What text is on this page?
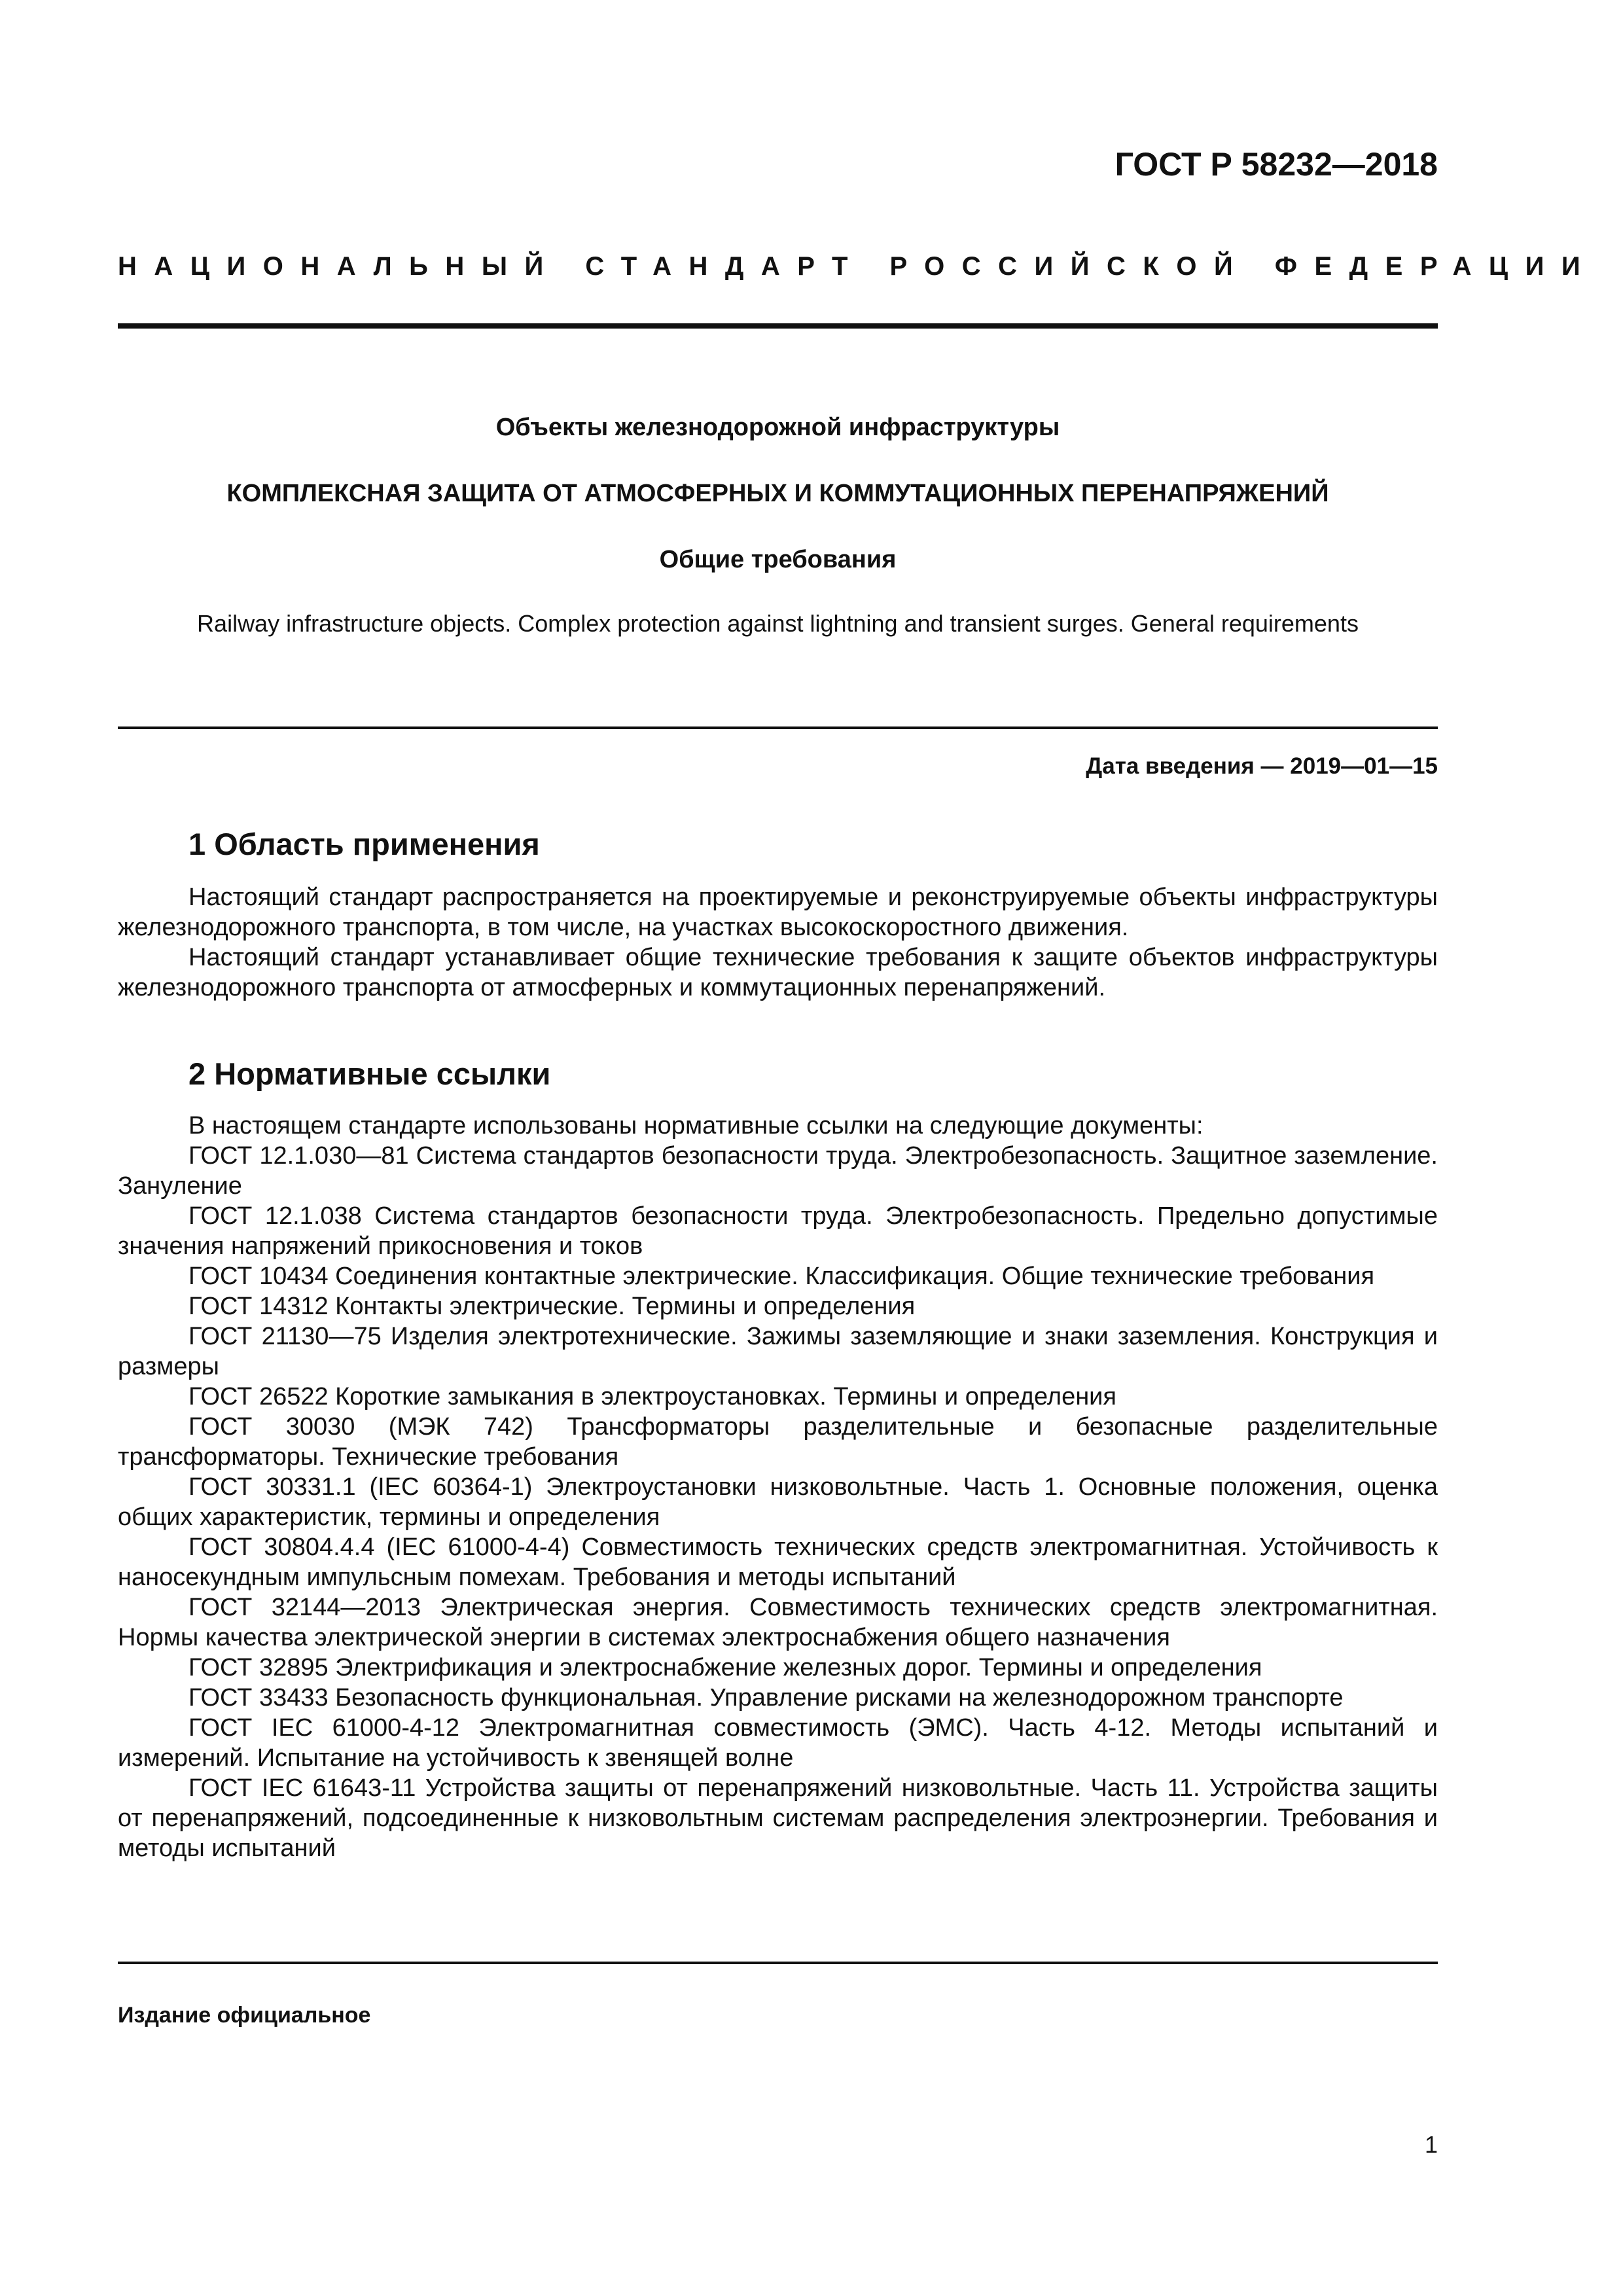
ГОСТ Р 58232—2018
НАЦИОНАЛЬНЫЙ СТАНДАРТ РОССИЙСКОЙ ФЕДЕРАЦИИ
Объекты железнодорожной инфраструктуры
КОМПЛЕКСНАЯ ЗАЩИТА ОТ АТМОСФЕРНЫХ И КОММУТАЦИОННЫХ ПЕРЕНАПРЯЖЕНИЙ
Общие требования
Railway infrastructure objects. Complex protection against lightning and transient surges. General requirements
Дата введения — 2019—01—15
1 Область применения

Настоящий стандарт распространяется на проектируемые и реконструируемые объекты инфраструктуры железнодорожного транспорта, в том числе, на участках высокоскоростного движения.

Настоящий стандарт устанавливает общие технические требования к защите объектов инфраструктуры железнодорожного транспорта от атмосферных и коммутационных перенапряжений.

2 Нормативные ссылки

В настоящем стандарте использованы нормативные ссылки на следующие документы:

ГОСТ 12.1.030—81 Система стандартов безопасности труда. Электробезопасность. Защитное заземление. Зануление

ГОСТ 12.1.038 Система стандартов безопасности труда. Электробезопасность. Предельно допустимые значения напряжений прикосновения и токов

ГОСТ 10434 Соединения контактные электрические. Классификация. Общие технические требования

ГОСТ 14312 Контакты электрические. Термины и определения

ГОСТ 21130—75 Изделия электротехнические. Зажимы заземляющие и знаки заземления. Конструкция и размеры

ГОСТ 26522 Короткие замыкания в электроустановках. Термины и определения

ГОСТ 30030 (МЭК 742) Трансформаторы разделительные и безопасные разделительные трансформаторы. Технические требования

ГОСТ 30331.1 (IEC 60364-1) Электроустановки низковольтные. Часть 1. Основные положения, оценка общих характеристик, термины и определения

ГОСТ 30804.4.4 (IEC 61000-4-4) Совместимость технических средств электромагнитная. Устойчивость к наносекундным импульсным помехам. Требования и методы испытаний

ГОСТ 32144—2013 Электрическая энергия. Совместимость технических средств электромагнитная. Нормы качества электрической энергии в системах электроснабжения общего назначения

ГОСТ 32895 Электрификация и электроснабжение железных дорог. Термины и определения

ГОСТ 33433 Безопасность функциональная. Управление рисками на железнодорожном транспорте

ГОСТ IEC 61000-4-12 Электромагнитная совместимость (ЭМС). Часть 4-12. Методы испытаний и измерений. Испытание на устойчивость к звенящей волне

ГОСТ IEC 61643-11 Устройства защиты от перенапряжений низковольтные. Часть 11. Устройства защиты от перенапряжений, подсоединенные к низковольтным системам распределения электроэнергии. Требования и методы испытаний

Издание официальное
1
